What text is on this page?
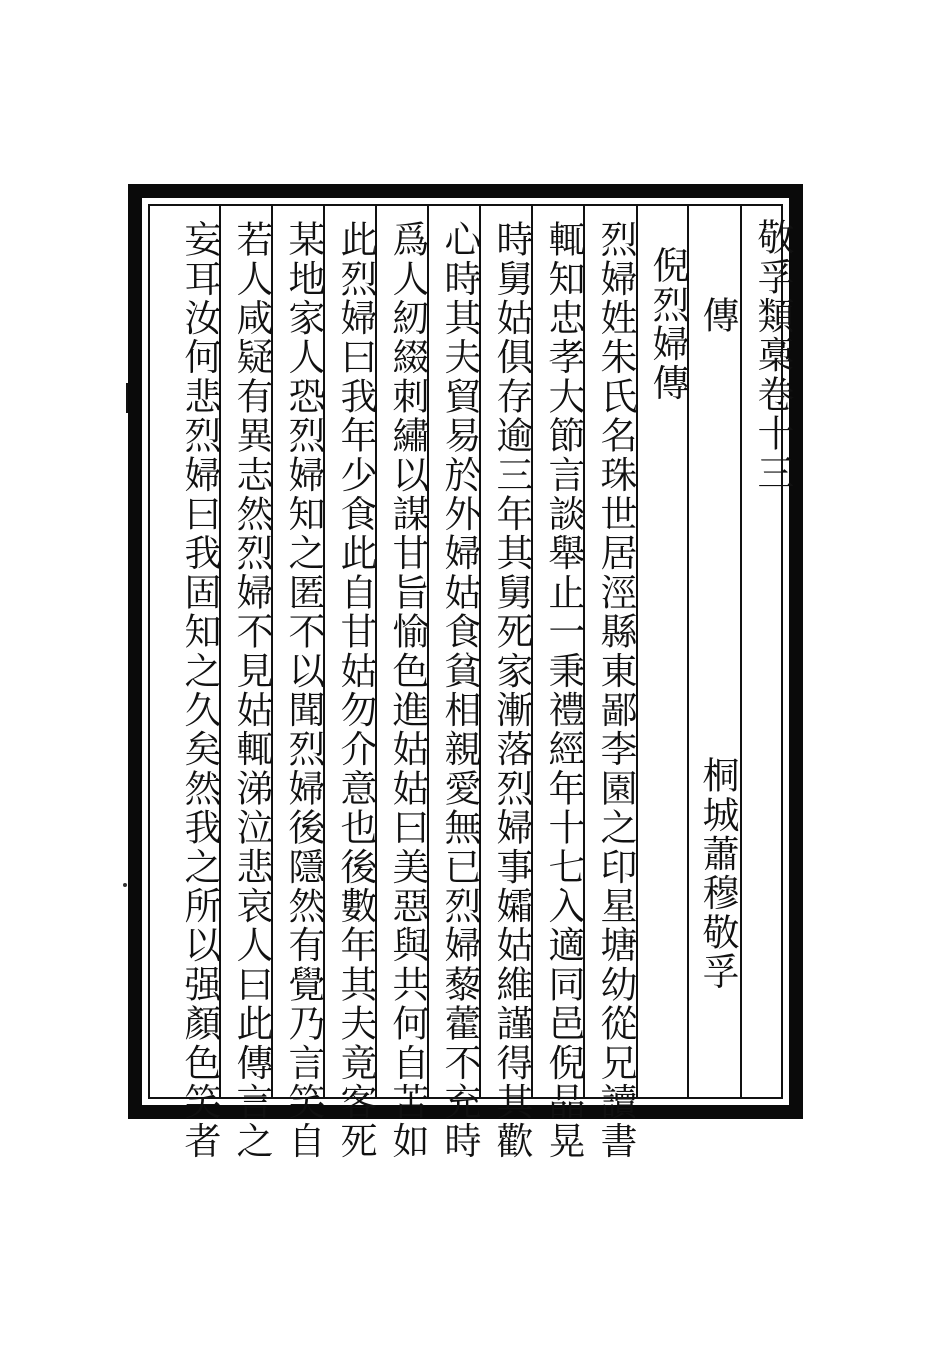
敬孚類槀卷十三
傳
桐城蕭穆敬孚
倪烈婦傳
烈婦姓朱氏名珠世居涇縣東鄙李園之印星塘幼從兄讀書
輒知忠孝大節言談舉止一秉禮經年十七入適同邑倪晶晃
時舅姑俱存逾三年其舅死家漸落烈婦事孀姑維謹得其歡
心時其夫貿易於外婦姑食貧相親愛無已烈婦藜藿不充時
爲人紉綴刺繡以謀甘旨愉色進姑姑曰美惡與共何自苦如
此烈婦曰我年少食此自甘姑勿介意也後數年其夫竟客死
某地家人恐烈婦知之匿不以聞烈婦後隱然有覺乃言笑自
若人咸疑有異志然烈婦不見姑輒涕泣悲哀人曰此傳言之
妄耳汝何悲烈婦曰我固知之久矣然我之所以强顏色笑者
